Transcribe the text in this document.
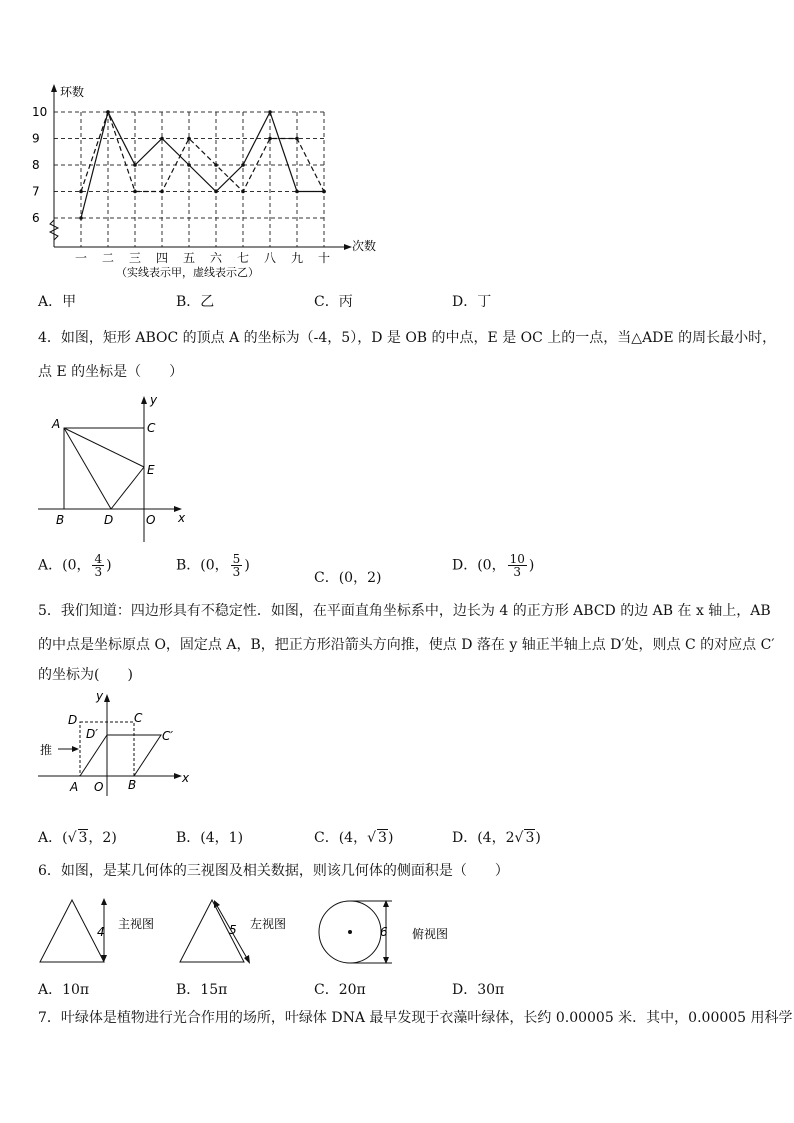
6
7
8
9
10
一 二 三 四 五 六 七 八 九 十
环数
次数
（实线表示甲，虚线表示乙）
A．甲	B．乙	C．丙	D．丁
4．如图，矩形 ABOC 的顶点 A 的坐标为（-4，5），D 是 OB 的中点，E 是 OC 上的一点，当△ADE 的周长最小时，
点 E 的坐标是（　　）
A
B	D	O
C
E
x
y
A．(0， $\frac{4}{3}$ )	B．(0， $\frac{5}{3}$ )
C．(0，2)
D．(0， $\frac{10}{3}$ )
5．我们知道：四边形具有不稳定性．如图，在平面直角坐标系中，边长为 4 的正方形 ABCD 的边 AB 在 x 轴上，AB
的中点是坐标原点 O，固定点 A，B，把正方形沿箭头方向推，使点 D 落在 y 轴正半轴上点 D′处，则点 C 的对应点 C′
的坐标为(　　)
推
D	C
D′	C′
A O B	x
y
A．(√ 3，2)	B．(4，1)	C．(4，√ 3)	D．(4，2√ 3)
6．如图，是某几何体的三视图及相关数据，则该几何体的侧面积是（　　）
4
主视图	5 左视图
6 俯视图
A．10π	B．15π	C．20π	D．30π
7．叶绿体是植物进行光合作用的场所，叶绿体 DNA 最早发现于衣藻叶绿体，长约 0.00005 米．其中，0.00005 用科学
